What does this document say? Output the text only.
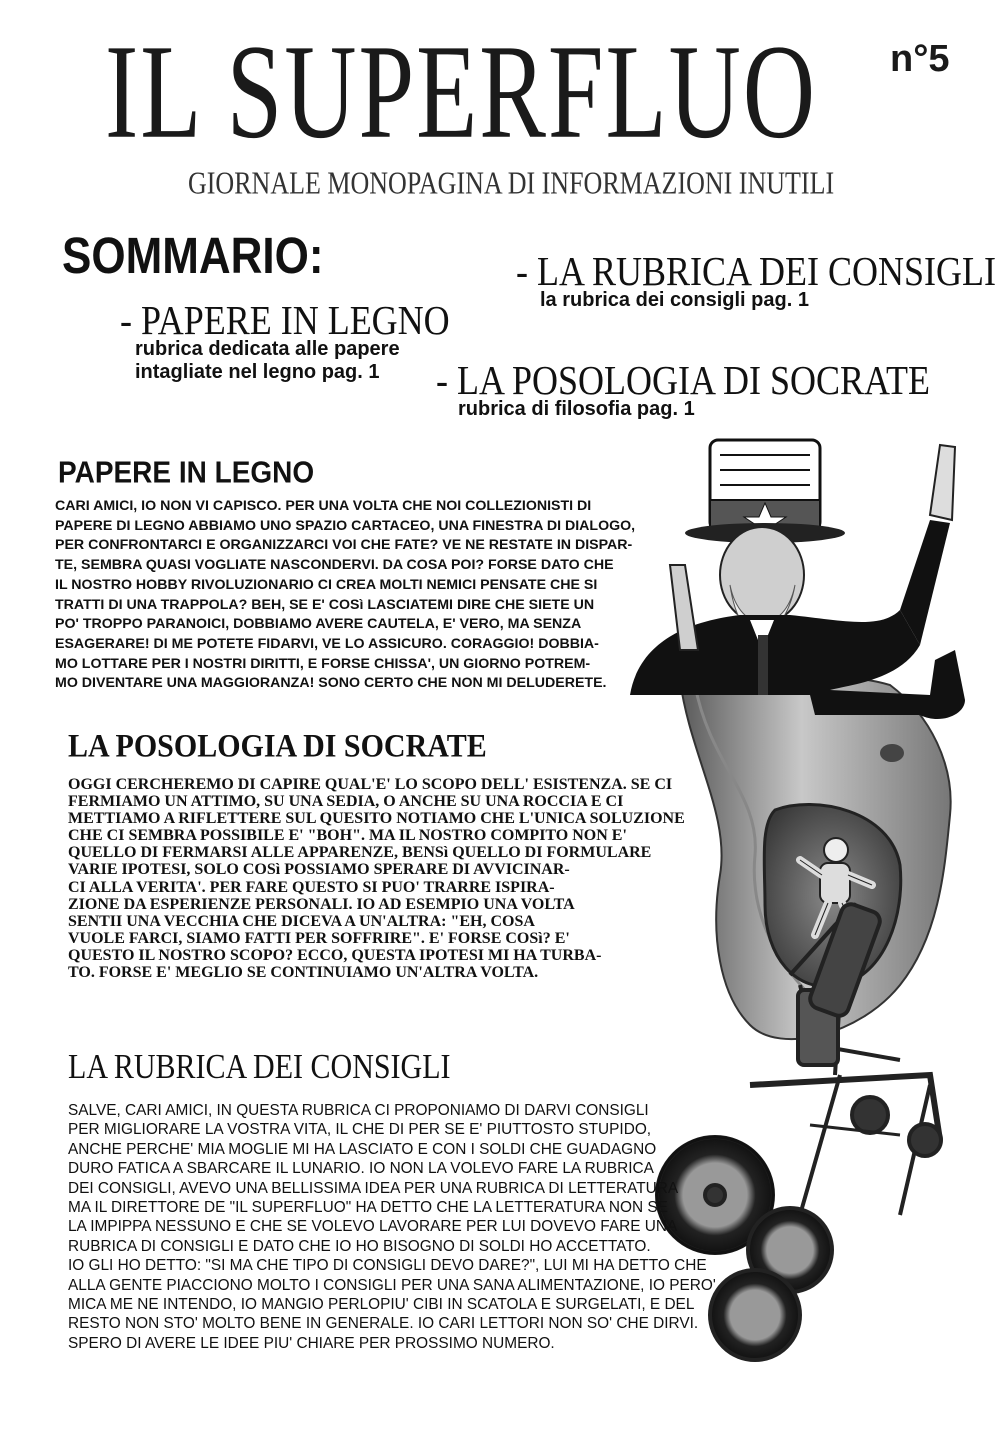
IL SUPERFLUO n°5
GIORNALE MONOPAGINA DI INFORMAZIONI INUTILI
SOMMARIO:
- PAPERE IN LEGNO
rubrica dedicata alle papere
intagliate nel legno pag. 1
- LA RUBRICA DEI CONSIGLI
la rubrica dei consigli pag. 1
- LA POSOLOGIA DI SOCRATE
rubrica di filosofia pag. 1
PAPERE IN LEGNO
CARI AMICI, IO NON VI CAPISCO. PER UNA VOLTA CHE NOI COLLEZIONISTI DI
PAPERE DI LEGNO ABBIAMO UNO SPAZIO CARTACEO, UNA FINESTRA DI DIALOGO,
PER CONFRONTARCI E ORGANIZZARCI VOI CHE FATE? VE NE RESTATE IN DISPAR-
TE, SEMBRA QUASI VOGLIATE NASCONDERVI. DA COSA POI? FORSE DATO CHE
IL NOSTRO HOBBY RIVOLUZIONARIO CI CREA MOLTI NEMICI PENSATE CHE SI
TRATTI DI UNA TRAPPOLA? BEH, SE E' COSì LASCIATEMI DIRE CHE SIETE UN
PO' TROPPO PARANOICI, DOBBIAMO AVERE CAUTELA, E' VERO, MA SENZA
ESAGERARE! DI ME POTETE FIDARVI, VE LO ASSICURO. CORAGGIO! DOBBIA-
MO LOTTARE PER I NOSTRI DIRITTI, E FORSE CHISSA', UN GIORNO POTREM-
MO DIVENTARE UNA MAGGIORANZA! SONO CERTO CHE NON MI DELUDERETE.
LA POSOLOGIA DI SOCRATE
OGGI CERCHEREMO DI CAPIRE QUAL'E' LO SCOPO DELL' ESISTENZA. SE CI
FERMIAMO UN ATTIMO, SU UNA SEDIA, O ANCHE SU UNA ROCCIA E CI
METTIAMO A RIFLETTERE SUL QUESITO NOTIAMO CHE L'UNICA SOLUZIONE
CHE CI SEMBRA POSSIBILE E' "BOH". MA IL NOSTRO COMPITO NON E'
QUELLO DI FERMARSI ALLE APPARENZE, BENSì QUELLO DI FORMULARE
VARIE IPOTESI, SOLO COSì POSSIAMO SPERARE DI AVVICINAR-
CI ALLA VERITA'. PER FARE QUESTO SI PUO' TRARRE ISPIRA-
ZIONE DA ESPERIENZE PERSONALI. IO AD ESEMPIO UNA VOLTA
SENTII UNA VECCHIA CHE DICEVA A UN'ALTRA: "EH, COSA
VUOLE FARCI, SIAMO FATTI PER SOFFRIRE". E' FORSE COSì? E'
QUESTO IL NOSTRO SCOPO? ECCO, QUESTA IPOTESI MI HA TURBA-
TO. FORSE E' MEGLIO SE CONTINUIAMO UN'ALTRA VOLTA.
LA RUBRICA DEI CONSIGLI
SALVE, CARI AMICI, IN QUESTA RUBRICA CI PROPONIAMO DI DARVI CONSIGLI
PER MIGLIORARE LA VOSTRA VITA, IL CHE DI PER SE E' PIUTTOSTO STUPIDO,
ANCHE PERCHE' MIA MOGLIE MI HA LASCIATO E CON I SOLDI CHE GUADAGNO
DURO FATICA A SBARCARE IL LUNARIO. IO NON LA VOLEVO FARE LA RUBRICA
DEI CONSIGLI, AVEVO UNA BELLISSIMA IDEA PER UNA RUBRICA DI LETTERATURA
MA IL DIRETTORE DE "IL SUPERFLUO" HA DETTO CHE LA LETTERATURA NON SE
LA IMPIPPA NESSUNO E CHE SE VOLEVO LAVORARE PER LUI DOVEVO FARE UNA
RUBRICA DI CONSIGLI E DATO CHE IO HO BISOGNO DI SOLDI HO ACCETTATO.
IO GLI HO DETTO: "SI MA CHE TIPO DI CONSIGLI DEVO DARE?", LUI MI HA DETTO CHE
ALLA GENTE PIACCIONO MOLTO I CONSIGLI PER UNA SANA ALIMENTAZIONE, IO PERO'
MICA ME NE INTENDO, IO MANGIO PERLOPIU' CIBI IN SCATOLA E SURGELATI, E DEL
RESTO NON STO' MOLTO BENE IN GENERALE. IO CARI LETTORI NON SO' CHE DIRVI.
SPERO DI AVERE LE IDEE PIU' CHIARE PER PROSSIMO NUMERO.
